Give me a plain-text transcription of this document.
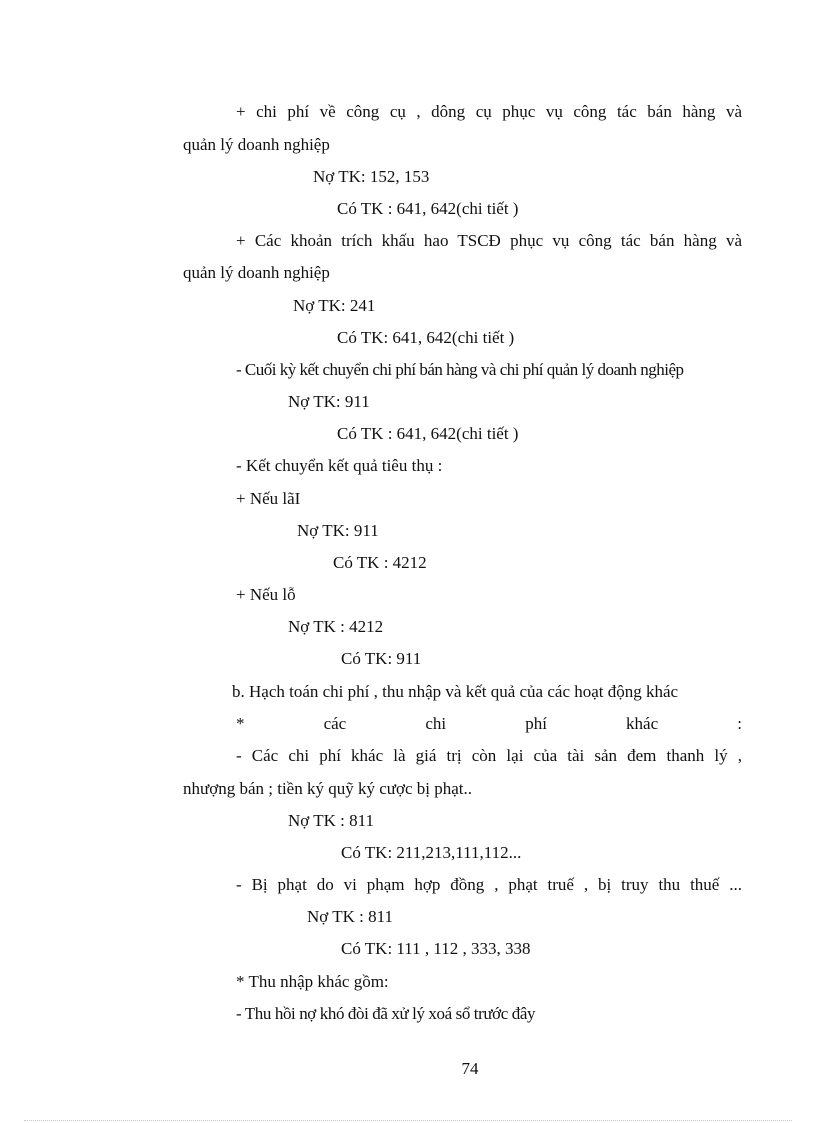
+ chi phí về công cụ , dông cụ phục vụ công tác bán hàng và
quản lý doanh nghiệp
Nợ TK: 152, 153
Có TK : 641, 642(chi tiết )
+ Các khoản trích khấu hao TSCĐ phục vụ công tác bán hàng và
quản lý doanh nghiệp
Nợ TK: 241
Có TK: 641, 642(chi tiết )
- Cuối kỳ kết chuyển chi phí bán hàng và chi phí quản lý doanh nghiệp
Nợ TK: 911
Có TK : 641, 642(chi tiết )
- Kết chuyển kết quả tiêu thụ :
+ Nếu lãI
Nợ TK: 911
Có TK : 4212
+ Nếu lỗ
Nợ TK : 4212
Có TK: 911
b. Hạch toán chi phí , thu nhập và kết quả của các hoạt động khác
*	các	chi	phí	khác	:
- Các chi phí khác là giá trị còn lại của tài sản đem thanh lý ,
nhượng bán ; tiền ký quỹ ký cược bị phạt..
Nợ TK : 811
Có TK: 211,213,111,112...
- Bị phạt do vi phạm hợp đồng , phạt truế , bị truy thu thuế ...
Nợ TK : 811
Có TK: 111 , 112 , 333, 338
* Thu nhập khác gồm:
- Thu hồi nợ khó đòi đã xử lý xoá sổ trước đây
74
